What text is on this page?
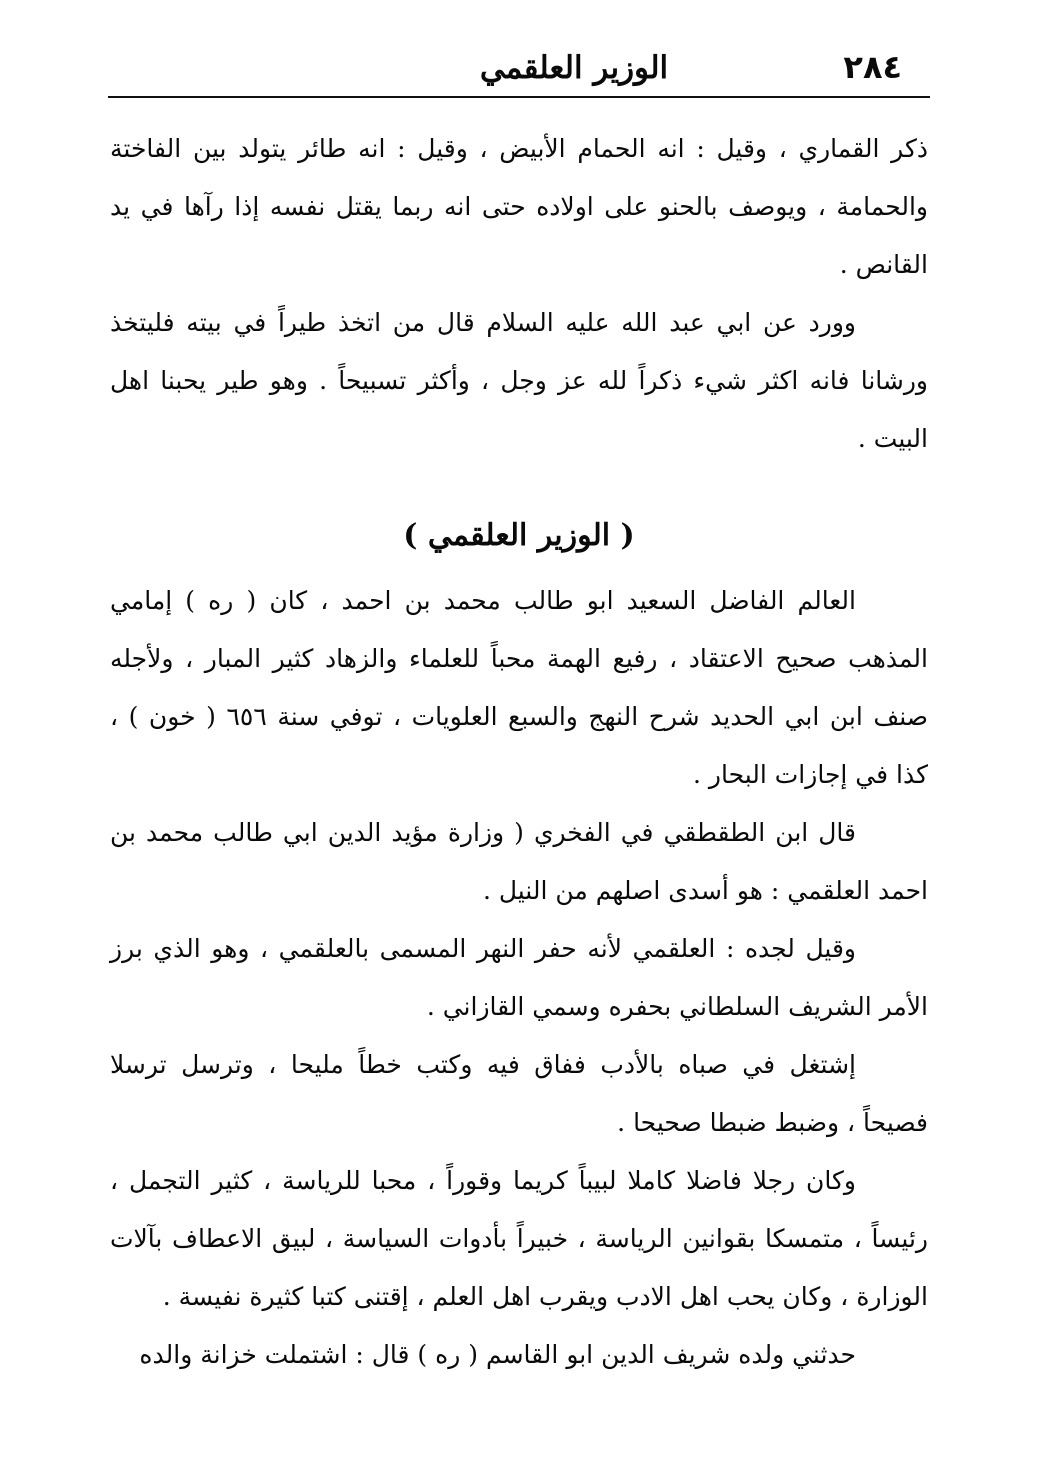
٢٨٤
الوزير العلقمي

ذكر القماري ، وقيل : انه الحمام الأبيض ، وقيل : انه طائر يتولد بين الفاختة والحمامة ، ويوصف بالحنو على اولاده حتى انه ربما يقتل نفسه إذا رآها في يد القانص .

وورد عن ابي عبد الله عليه السلام قال من اتخذ طيراً في بيته فليتخذ ورشانا فانه اكثر شيء ذكراً لله عز وجل ، وأكثر تسبيحاً . وهو طير يحبنا اهل البيت .

( الوزير العلقمي )

العالم الفاضل السعيد ابو طالب محمد بن احمد ، كان ( ره ) إمامي المذهب صحيح الاعتقاد ، رفيع الهمة محباً للعلماء والزهاد كثير المبار ، ولأجله صنف ابن ابي الحديد شرح النهج والسبع العلويات ، توفي سنة ٦٥٦ ( خون ) ، كذا في إجازات البحار .

قال ابن الطقطقي في الفخري ( وزارة مؤيد الدين ابي طالب محمد بن احمد العلقمي : هو أسدى اصلهم من النيل .

وقيل لجده : العلقمي لأنه حفر النهر المسمى بالعلقمي ، وهو الذي برز الأمر الشريف السلطاني بحفره وسمي القازاني .

إشتغل في صباه بالأدب ففاق فيه وكتب خطاً مليحا ، وترسل ترسلا فصيحاً ، وضبط ضبطا صحيحا .

وكان رجلا فاضلا كاملا لبيباً كريما وقوراً ، محبا للرياسة ، كثير التجمل ، رئيساً ، متمسكا بقوانين الرياسة ، خبيراً بأدوات السياسة ، لبيق الاعطاف بآلات الوزارة ، وكان يحب اهل الادب ويقرب اهل العلم ، إقتنى كتبا كثيرة نفيسة .

حدثني ولده شريف الدين ابو القاسم ( ره ) قال : اشتملت خزانة والده
